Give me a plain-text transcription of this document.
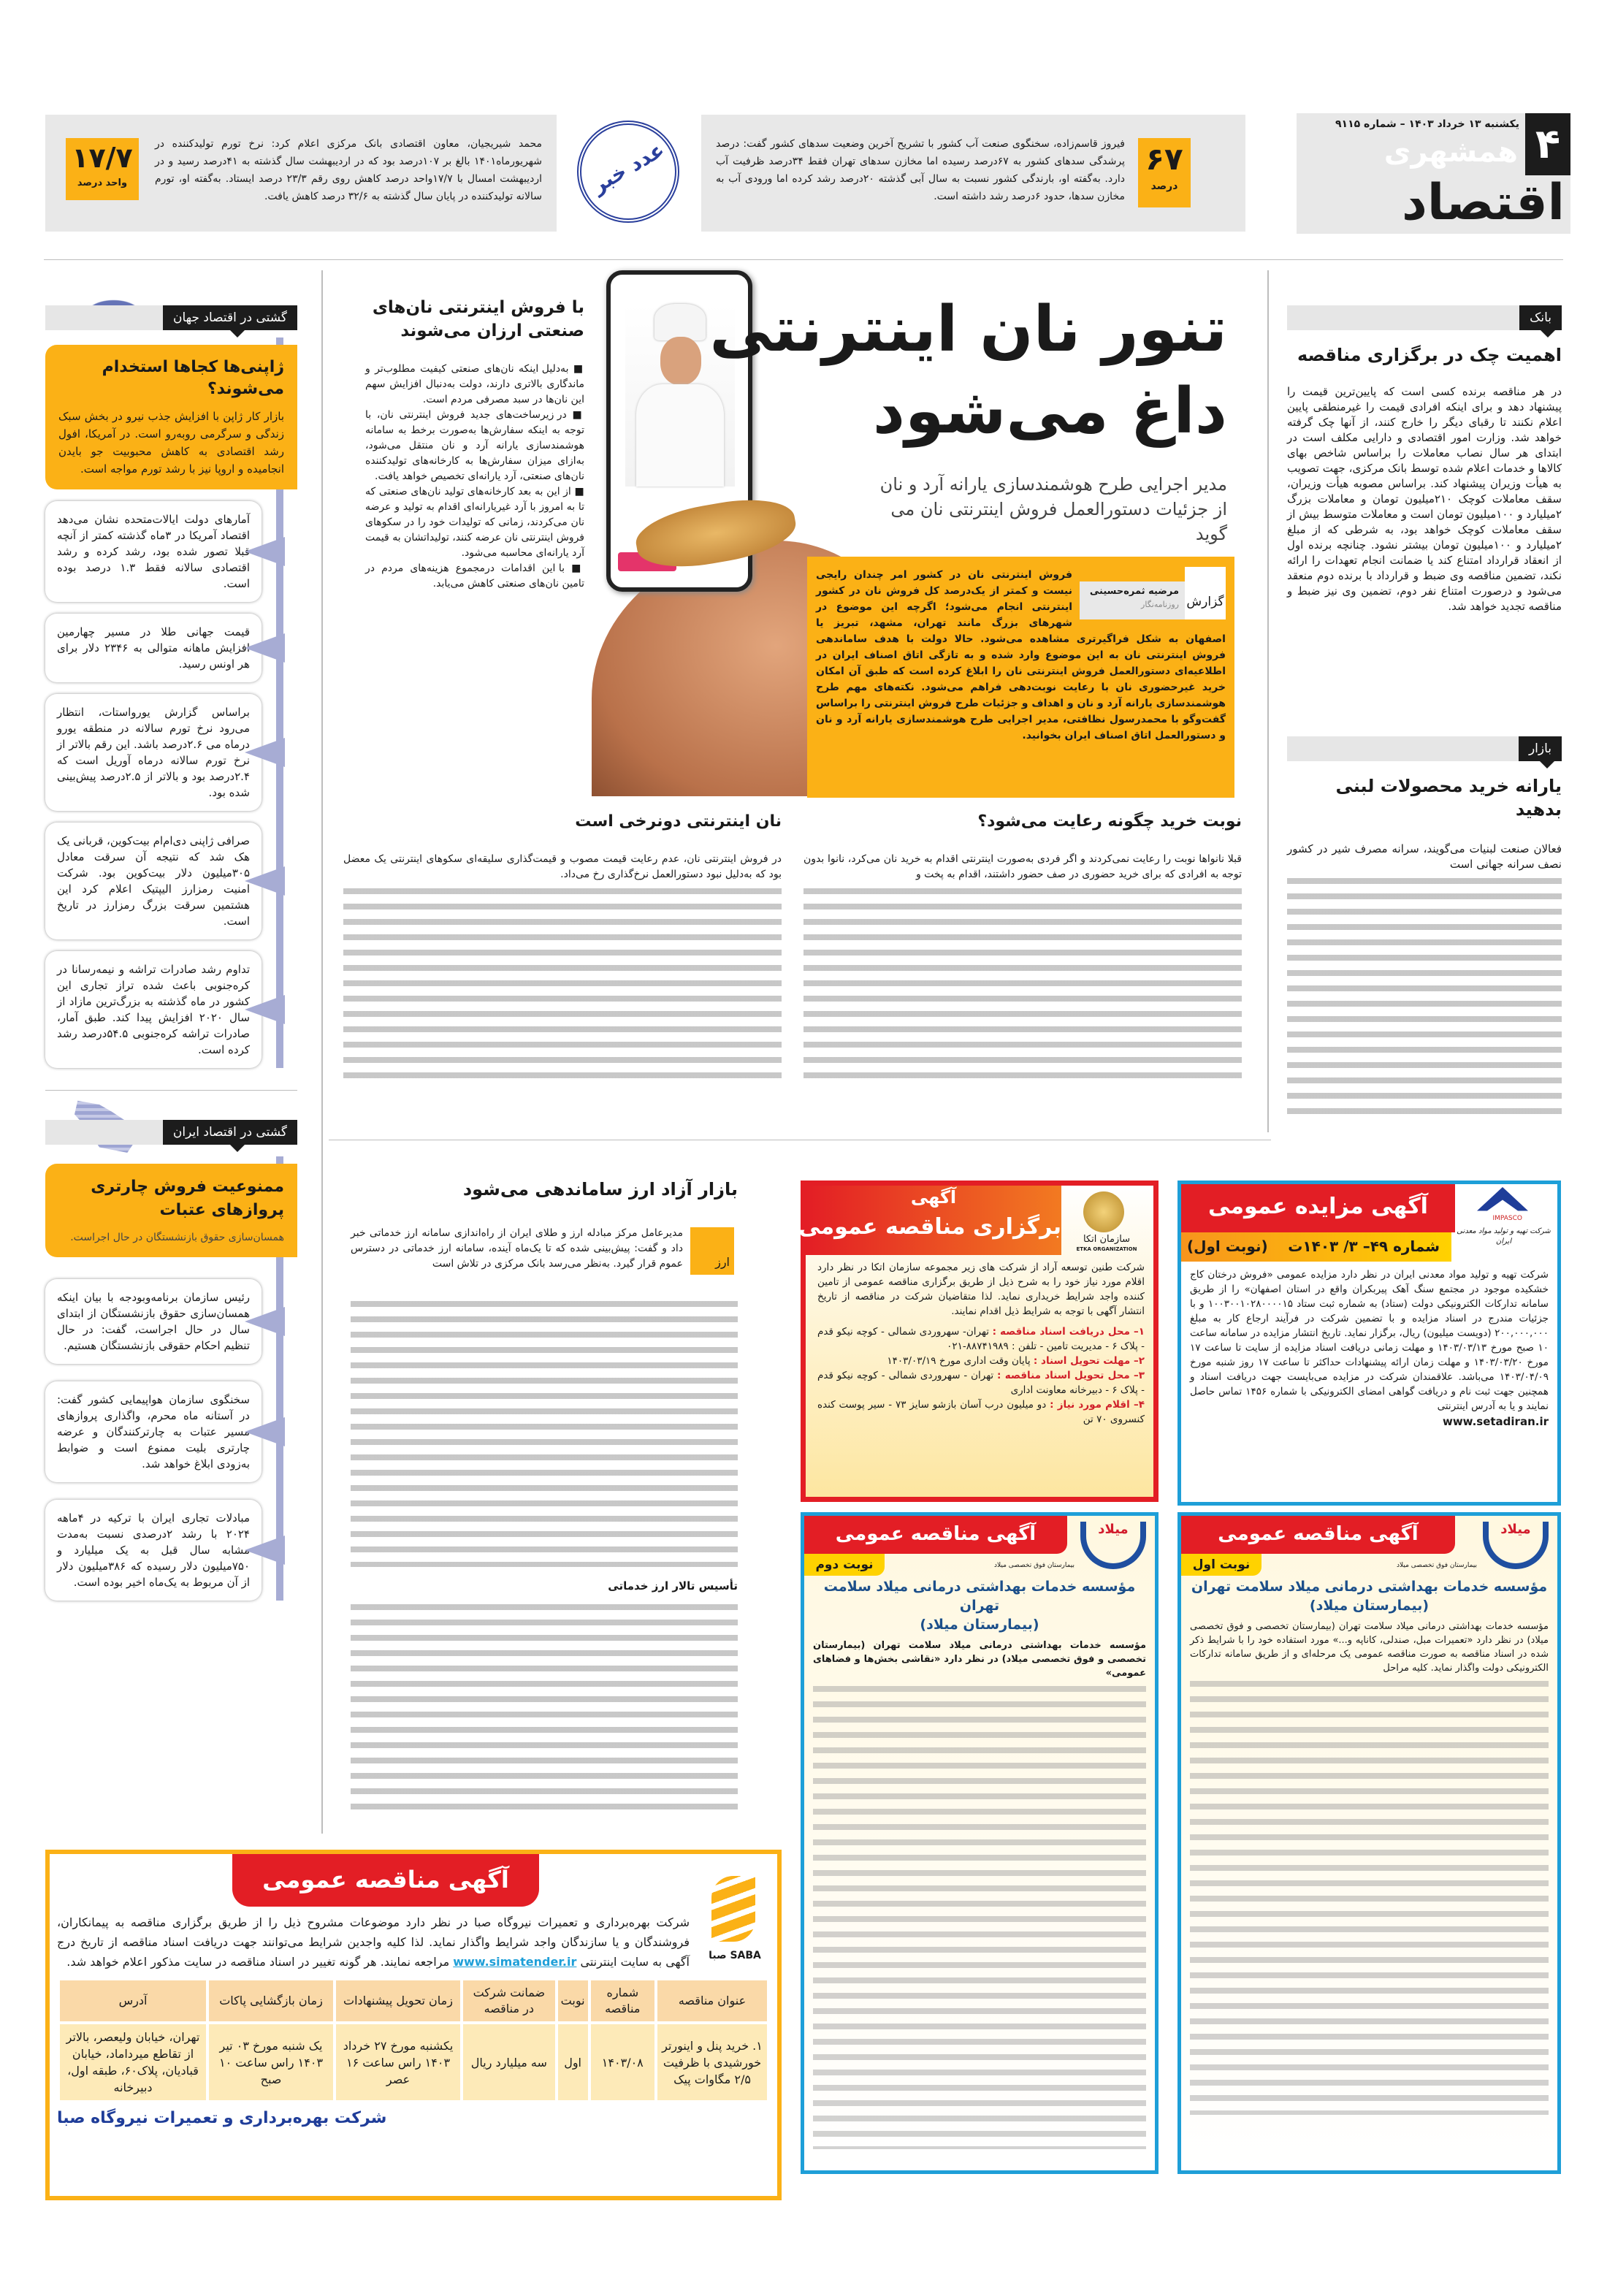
۴
یکشنبه ۱۳ خرداد ۱۴۰۳ – شماره ۹۱۱۵
همشهری
اقتصاد
۶۷
درصد
فیروز قاسم‌زاده، سخنگوی صنعت آب کشور با تشریح آخرین وضعیت سدهای کشور گفت: درصد پرشدگی سدهای کشور به ۶۷درصد رسیده اما مخازن سدهای تهران فقط ۳۴درصد ظرفیت آب دارد. به‌گفته او، بارندگی کشور نسبت به سال آبی گذشته ۲۰درصد رشد کرده اما ورودی آب به مخازن سدها، حدود ۶درصد رشد داشته است.
عدد خبر
۱۷/۷
واحد درصد
محمد شیریجیان، معاون اقتصادی بانک مرکزی اعلام کرد: نرخ تورم تولیدکننده در شهریورماه۱۴۰۱ بالغ بر ۱۰۷درصد بود که در اردیبهشت سال گذشته به ۴۱درصد رسید و در اردیبهشت امسال با ۱۷/۷واحد درصد کاهش روی رقم ۲۳/۳ درصد ایستاد. به‌گفته او، تورم سالانه تولیدکننده در پایان سال گذشته به ۳۲/۶ درصد کاهش یافت.
بانک
اهمیت چک در برگزاری مناقصه
در هر مناقصه برنده کسی است که پایین‌ترین قیمت را پیشنهاد دهد و برای اینکه افرادی قیمت را غیرمنطقی پایین اعلام نکنند تا رقبای دیگر را خارج کنند، از آنها چک گرفته خواهد شد. وزارت امور اقتصادی و دارایی مکلف است در ابتدای هر سال نصاب معاملات را براساس شاخص بهای کالاها و خدمات اعلام شده توسط بانک مرکزی، جهت تصویب به هیأت وزیران پیشنهاد کند. براساس مصوبه هیأت وزیران، سقف معاملات کوچک ۲۱۰میلیون تومان و معاملات بزرگ ۲میلیارد و ۱۰۰میلیون تومان است و معاملات متوسط بیش از سقف معاملات کوچک خواهد بود، به شرطی که از مبلغ ۲میلیارد و ۱۰۰میلیون تومان بیشتر نشود. چنانچه برنده اول از انعقاد قرارداد امتناع کند یا ضمانت انجام تعهدات را ارائه نکند، تضمین مناقصه وی ضبط و قرارداد با برنده دوم منعقد می‌شود و درصورت امتناع نفر دوم، تضمین وی نیز ضبط و مناقصه تجدید خواهد شد.
بازار
یارانه خرید محصولات لبنی بدهید
فعالان صنعت لبنیات می‌گویند، سرانه مصرف شیر در کشور نصف سرانه جهانی است
تنور نان اینترنتی
داغ می‌شود
مدیر اجرایی طرح هوشمندسازی یارانه آرد و نان از جزئیات دستورالعمل فروش اینترنتی نان می گوید
گزارش
مرضیه ثمره‌حسینی
روزنامه‌نگار
فروش اینترنتی نان در کشور امر چندان رایجی نیست و کمتر از یک‌درصد کل فروش نان در کشور اینترنتی انجام می‌شود؛ اگرچه این موضوع در شهرهای بزرگ مانند تهران، مشهد، تبریز یا اصفهان به شکل فراگیرتری مشاهده می‌شود. حالا دولت با هدف ساماندهی فروش اینترنتی نان به این موضوع وارد شده و به تازگی اتاق اصناف ایران در اطلاعیه‌ای دستورالعمل فروش اینترنتی نان را ابلاغ کرده است که طبق آن امکان خرید غیرحضوری نان با رعایت نوبت‌دهی فراهم می‌شود. نکته‌های مهم طرح هوشمندسازی یارانه آرد و نان و اهداف و جزئیات طرح فروش اینترنتی را براساس گفت‌وگو با محمدرسول نظافتی، مدیر اجرایی طرح هوشمندسازی یارانه آرد و نان و دستورالعمل اتاق اصناف ایران بخوانید.
با فروش اینترنتی نان‌های صنعتی ارزان می‌شوند

■ به‌دلیل اینکه نان‌های صنعتی کیفیت مطلوب‌تر و ماندگاری بالاتری دارند، دولت به‌دنبال افزایش سهم این نان‌ها در سبد مصرفی مردم است.

■ در زیرساخت‌های جدید فروش اینترنتی نان، با توجه به اینکه سفارش‌ها به‌صورت برخط به سامانه هوشمندسازی یارانه آرد و نان منتقل می‌شود، به‌ازای میزان سفارش‌ها به کارخانه‌های تولیدکننده نان‌های صنعتی، آرد یارانه‌ای تخصیص خواهد یافت.

■ از این به بعد کارخانه‌های تولید نان‌های صنعتی که تا به امروز با آرد غیریارانه‌ای اقدام به تولید و عرضه نان می‌کردند، زمانی که تولیدات خود را در سکوهای فروش اینترنتی نان عرضه کنند، تولیداتشان به قیمت آرد یارانه‌ای محاسبه می‌شود.

■ با این اقدامات درمجموع هزینه‌های مردم در تامین نان‌های صنعتی کاهش می‌یابد.

نوبت خرید چگونه رعایت می‌شود؟
قبلا نانواها نوبت را رعایت نمی‌کردند و اگر فردی به‌صورت اینترنتی اقدام به خرید نان می‌کرد، نانوا بدون توجه به افرادی که برای خرید حضوری در صف حضور داشتند، اقدام به پخت و
نان اینترنتی دونرخی است
در فروش اینترنتی نان، عدم رعایت قیمت مصوب و قیمت‌گذاری سلیقه‌ای سکوهای اینترنتی یک معضل بود که به‌دلیل نبود دستورالعمل نرخ‌گذاری رخ می‌داد.
گشتی در اقتصاد جهان
ژاپنی‌ها کجاها استخدام می‌شوند؟
بازار کار ژاپن با افزایش جذب نیرو در بخش سبک زندگی و سرگرمی روبه‌رو است. در آمریکا، افول رشد اقتصادی به کاهش محبوبیت جو بایدن انجامیده و اروپا نیز با رشد تورم مواجه است.
آمارهای دولت ایالات‌متحده نشان می‌دهد اقتصاد آمریکا در ۳ماه گذشته کمتر از آنچه قبلا تصور شده بود، رشد کرده و رشد اقتصادی سالانه فقط ۱.۳ درصد بوده است.
قیمت جهانی طلا در مسیر چهارمین افزایش ماهانه متوالی به ۲۳۴۶ دلار برای هر اونس رسید.
براساس گزارش یورواستات، انتظار می‌رود نرخ تورم سالانه در منطقه یورو درماه می ۲.۶درصد باشد. این رقم بالاتر از نرخ تورم سالانه درماه آوریل است که ۲.۴درصد بود و بالاتر از ۲.۵درصد پیش‌بینی شده بود.
صرافی ژاپنی دی‌ام‌ام بیت‌کوین، قربانی یک هک شد که نتیجه آن سرقت معادل ۳۰۵میلیون دلار بیت‌کوین بود. شرکت امنیت رمزارز الیپتیک اعلام کرد این هشتمین سرقت بزرگ رمزارز در تاریخ است.
تداوم رشد صادرات تراشه و نیمه‌رسانا در کره‌جنوبی باعث شده تراز تجاری این کشور در ماه گذشته به بزرگ‌ترین مازاد از سال ۲۰۲۰ افزایش پیدا کند. طبق آمار، صادرات تراشه کره‌جنوبی ۵۴.۵درصد رشد کرده است.
گشتی در اقتصاد ایران
ممنوعیت فروش چارتری پروازهای عتبات
همسان‌سازی حقوق بازنشستگان در حال اجراست.
رئیس سازمان برنامه‌وبودجه با بیان اینکه همسان‌سازی حقوق بازنشستگان از ابتدای سال در حال اجراست، گفت: در حال تنظیم احکام حقوقی بازنشستگان هستیم.
سخنگوی سازمان هواپیمایی کشور گفت: در آستانه ماه محرم، واگذاری پروازهای مسیر عتبات به چارترکنندگان و عرضه چارتری بلیت ممنوع است و ضوابط به‌زودی ابلاغ خواهد شد.
مبادلات تجاری ایران با ترکیه در ۴ماهه ۲۰۲۴ با رشد ۲درصدی نسبت به‌مدت مشابه سال قبل به یک میلیارد و ۷۵۰میلیون دلار رسیده که ۳۸۶میلیون دلار از آن مربوط به یک‌ماه اخیر بوده است.
بازار آزاد ارز ساماندهی می‌شود
ارز
مدیرعامل مرکز مبادله ارز و طلای ایران از راه‌اندازی سامانه ارز خدماتی خبر داد و گفت: پیش‌بینی شده که تا یک‌ماه آینده، سامانه ارز خدماتی در دسترس عموم قرار گیرد. به‌نظر می‌رسد بانک مرکزی در تلاش است
تأسیس تالار ارز خدماتی
آگهی
برگزاری مناقصه عمومی	سازمان اتکا
ETKA ORGANIZATION

شرکت طنین توسعه آراد از شرکت های زیر مجموعه سازمان اتکا در نظر دارد اقلام مورد نیاز خود را به شرح ذیل از طریق برگزاری مناقصه عمومی از تامین کننده واجد شرایط خریداری نماید. لذا متقاضیان شرکت در مناقصه از تاریخ انتشار آگهی با توجه به شرایط ذیل اقدام نمایند.

۱– محل دریافت اسناد مناقصه : تهران- سهروردی شمالی - کوچه نیکو قدم - پلاک ۶ - مدیریت تامین - تلفن : ۸۸۷۴۱۹۸۹-۰۲۱

۲– مهلت تحویل اسناد : پایان وقت اداری مورخ ۱۴۰۳/۰۳/۱۹

۳– محل تحویل اسناد مناقصه : تهران - سهروردی شمالی - کوچه نیکو قدم - پلاک ۶ - دبیرخانه معاونت اداری

۴– اقلام مورد نیاز : دو میلیون درب آسان بازشو سایز ۷۳ - سیر پوست کنده کنسروی ۷۰ تن

آگهی مزایده عمومی
شماره ۴۹– ۳/ ۱۴۰۳ت
(نوبت اول)
IMPASCO
شرکت تهیه و تولید مواد معدنی ایران

شرکت تهیه و تولید مواد معدنی ایران در نظر دارد مزایده عمومی «فروش درختان کاج خشکیده موجود در مجتمع سنگ آهک پیربکران واقع در استان اصفهان» را از طریق سامانه تدارکات الکترونیکی دولت (ستاد) به شماره ثبت ستاد ۱۰۰۳۰۰۱۰۲۸۰۰۰۰۱۵ و با جزئیات مندرج در اسناد مزایده و با تضمین شرکت در فرآیند ارجاع کار به مبلغ ۲۰۰,۰۰۰,۰۰۰ (دویست میلیون) ریال، برگزار نماید. تاریخ انتشار مزایده در سامانه ساعت ۱۰ صبح مورخ ۱۴۰۳/۰۳/۱۳ و مهلت زمانی دریافت اسناد مزایده از سایت تا ساعت ۱۷ مورخ ۱۴۰۳/۰۳/۲۰ و مهلت زمان ارائه پیشنهادات حداکثر تا ساعت ۱۷ روز شنبه مورخ ۱۴۰۳/۰۴/۰۹ می‌باشد. علاقمندان شرکت در مزایده می‌بایست جهت دریافت اسناد و همچنین جهت ثبت نام و دریافت گواهی امضای الکترونیکی با شماره ۱۴۵۶ تماس حاصل نمایند و یا به آدرس اینترنتی

www.setadiran.ir

آگهی مناقصه عمومی
نوبت دوم
میلاد
بیمارستان فوق تخصصی میلاد
مؤسسه خدمات بهداشتی درمانی میلاد سلامت تهران
(بیمارستان میلاد)
مؤسسه خدمات بهداشتی درمانی میلاد سلامت تهران (بیمارستان تخصصی و فوق تخصصی میلاد) در نظر دارد «نقاشی بخش‌ها و فضاهای عمومی»
آگهی مناقصه عمومی
نوبت اول
میلاد
بیمارستان فوق تخصصی میلاد
مؤسسه خدمات بهداشتی درمانی میلاد سلامت تهران
(بیمارستان میلاد)
مؤسسه خدمات بهداشتی درمانی میلاد سلامت تهران (بیمارستان تخصصی و فوق تخصصی میلاد) در نظر دارد «تعمیرات مبل، صندلی، کاناپه و...» مورد استفاده خود را با شرایط ذکر شده در اسناد مناقصه به صورت مناقصه عمومی یک مرحله‌ای و از طریق سامانه تدارکات الکترونیکی دولت واگذار نماید. کلیه مراحل
آگهی مناقصه عمومی
صبا SABA
شرکت بهره‌برداری و تعمیرات نیروگاه صبا در نظر دارد موضوعات مشروح ذیل را از طریق برگزاری مناقصه به پیمانکاران، فروشندگان و یا سازندگان واجد شرایط واگذار نماید. لذا کلیه واجدین شرایط می‌توانند جهت دریافت اسناد مناقصه از تاریخ درج آگهی به سایت اینترنتی www.simatender.ir مراجعه نمایند. هر گونه تغییر در اسناد مناقصه در سایت مذکور اعلام خواهد شد.
عنوان مناقصه	شماره مناقصه	نوبت	ضمانت شرکت در مناقصه	زمان تحویل پیشنهادات	زمان بازگشایی پاکات	آدرس
۱. خرید پنل و اینورتر خورشیدی با ظرفیت ۲/۵ مگاوات پیک	۱۴۰۳/۰۸	اول	سه میلیارد ریال	یکشنبه مورخ ۲۷ خرداد ۱۴۰۳ راس ساعت ۱۶ عصر	یک شنبه مورخ ۰۳ تیر ۱۴۰۳ راس ساعت ۱۰ صبح	تهران، خیابان ولیعصر، بالاتر از تقاطع میرداماد، خیابان قبادیان، پلاک۶۰، طبقه اول، دبیرخانه
شرکت بهره‌برداری و تعمیرات نیروگاه صبا
